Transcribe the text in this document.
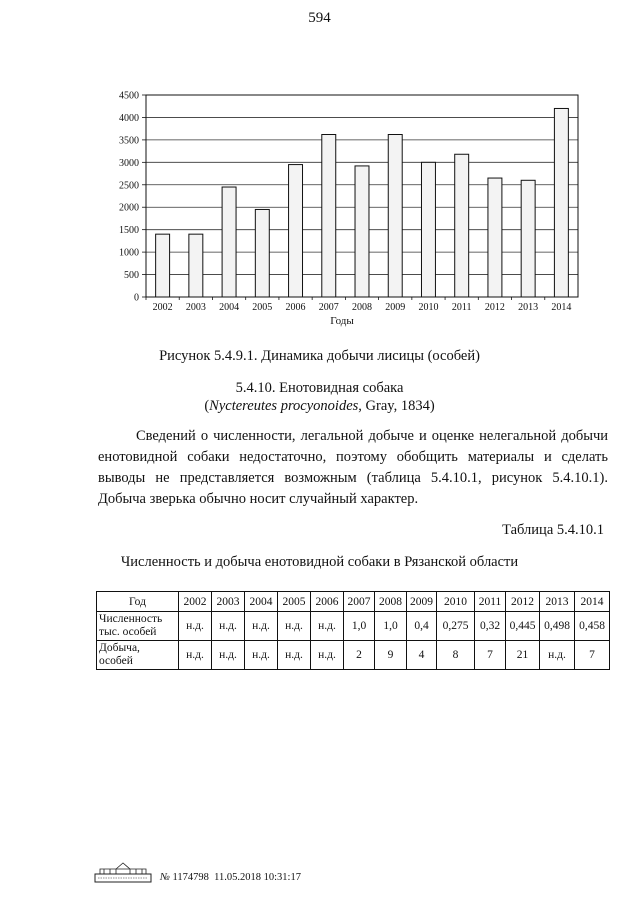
594
0
500
1000
1500
2000
2500
3000
3500
4000
4500
2002 2003 2004 2005 2006 2007 2008 2009 2010 2011 2012 2013 2014
Годы
Рисунок 5.4.9.1. Динамика добычи лисицы (особей)
5.4.10. Енотовидная собака
(Nyctereutes procyonoides, Gray, 1834)
Сведений о численности, легальной добыче и оценке нелегальной добычи енотовидной собаки недостаточно, поэтому обобщить материалы и сделать выводы не представляется возможным (таблица 5.4.10.1, рисунок 5.4.10.1). Добыча зверька обычно носит случайный характер.
Таблица 5.4.10.1
Численность и добыча енотовидной собаки в Рязанской области
Год	2002	2003	2004	2005	2006	2007	2008	2009	2010	2011	2012	2013	2014
Численность
тыс. особей	н.д.	н.д.	н.д.	н.д.	н.д.	1,0	1,0	0,4	0,275	0,32	0,445	0,498	0,458
Добыча,
особей	н.д.	н.д.	н.д.	н.д.	н.д.	2	9	4	8	7	21	н.д.	7
№ 1174798 11.05.2018 10:31:17
